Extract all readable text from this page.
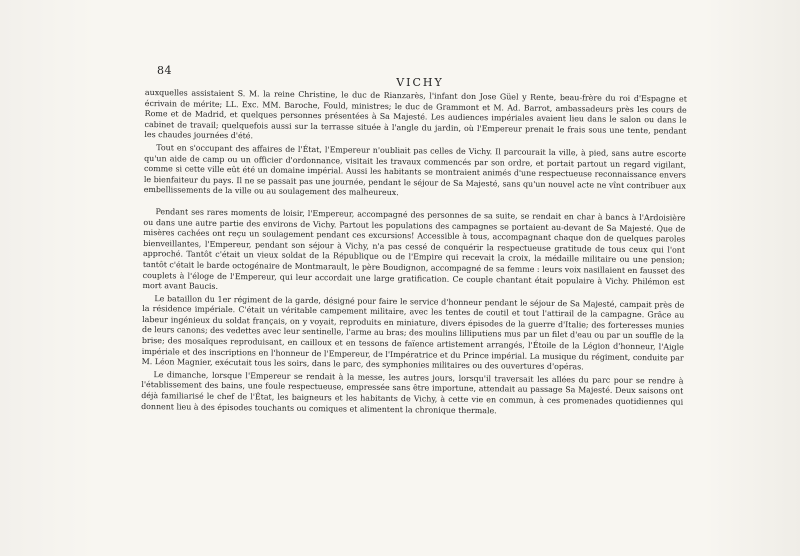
84
VICHY

auxquelles assistaient S. M. la reine Christine, le duc de Rianzarès, l'infant don Jose Güel y Rente, beau-frère du roi d'Espagne et écrivain de mérite; LL. Exc. MM. Baroche, Fould, ministres; le duc de Grammont et M. Ad. Barrot, ambassadeurs près les cours de Rome et de Madrid, et quelques personnes présentées à Sa Majesté. Les audiences impériales avaient lieu dans le salon ou dans le cabinet de travail; quelquefois aussi sur la terrasse située à l'angle du jardin, où l'Empereur prenait le frais sous une tente, pendant les chaudes journées d'été.

Tout en s'occupant des affaires de l'État, l'Empereur n'oubliait pas celles de Vichy. Il parcourait la ville, à pied, sans autre escorte qu'un aide de camp ou un officier d'ordonnance, visitait les travaux commencés par son ordre, et portait partout un regard vigilant, comme si cette ville eût été un domaine impérial. Aussi les habitants se montraient animés d'une respectueuse reconnaissance envers le bienfaiteur du pays. Il ne se passait pas une journée, pendant le séjour de Sa Majesté, sans qu'un nouvel acte ne vînt contribuer aux embellissements de la ville ou au soulagement des malheureux.

Pendant ses rares moments de loisir, l'Empereur, accompagné des personnes de sa suite, se rendait en char à bancs à l'Ardoisière ou dans une autre partie des environs de Vichy. Partout les populations des campagnes se portaient au-devant de Sa Majesté. Que de misères cachées ont reçu un soulagement pendant ces excursions! Accessible à tous, accompagnant chaque don de quelques paroles bienveillantes, l'Empereur, pendant son séjour à Vichy, n'a pas cessé de conquérir la respectueuse gratitude de tous ceux qui l'ont approché. Tantôt c'était un vieux soldat de la République ou de l'Empire qui recevait la croix, la médaille militaire ou une pension; tantôt c'était le barde octogénaire de Montmarault, le père Boudignon, accompagné de sa femme : leurs voix nasillaient en fausset des couplets à l'éloge de l'Empereur, qui leur accordait une large gratification. Ce couple chantant était populaire à Vichy. Philémon est mort avant Baucis.

Le bataillon du 1er régiment de la garde, désigné pour faire le service d'honneur pendant le séjour de Sa Majesté, campait près de la résidence impériale. C'était un véritable campement militaire, avec les tentes de coutil et tout l'attirail de la campagne. Grâce au labeur ingénieux du soldat français, on y voyait, reproduits en miniature, divers épisodes de la guerre d'Italie; des forteresses munies de leurs canons; des vedettes avec leur sentinelle, l'arme au bras; des moulins lilliputiens mus par un filet d'eau ou par un souffle de la brise; des mosaïques reproduisant, en cailloux et en tessons de faïence artistement arrangés, l'Étoile de la Légion d'honneur, l'Aigle impériale et des inscriptions en l'honneur de l'Empereur, de l'Impératrice et du Prince impérial. La musique du régiment, conduite par M. Léon Magnier, exécutait tous les soirs, dans le parc, des symphonies militaires ou des ouvertures d'opéras.

Le dimanche, lorsque l'Empereur se rendait à la messe, les autres jours, lorsqu'il traversait les allées du parc pour se rendre à l'établissement des bains, une foule respectueuse, empressée sans être importune, attendait au passage Sa Majesté. Deux saisons ont déjà familiarisé le chef de l'État, les baigneurs et les habitants de Vichy, à cette vie en commun, à ces promenades quotidiennes qui donnent lieu à des épisodes touchants ou comiques et alimentent la chronique thermale.
